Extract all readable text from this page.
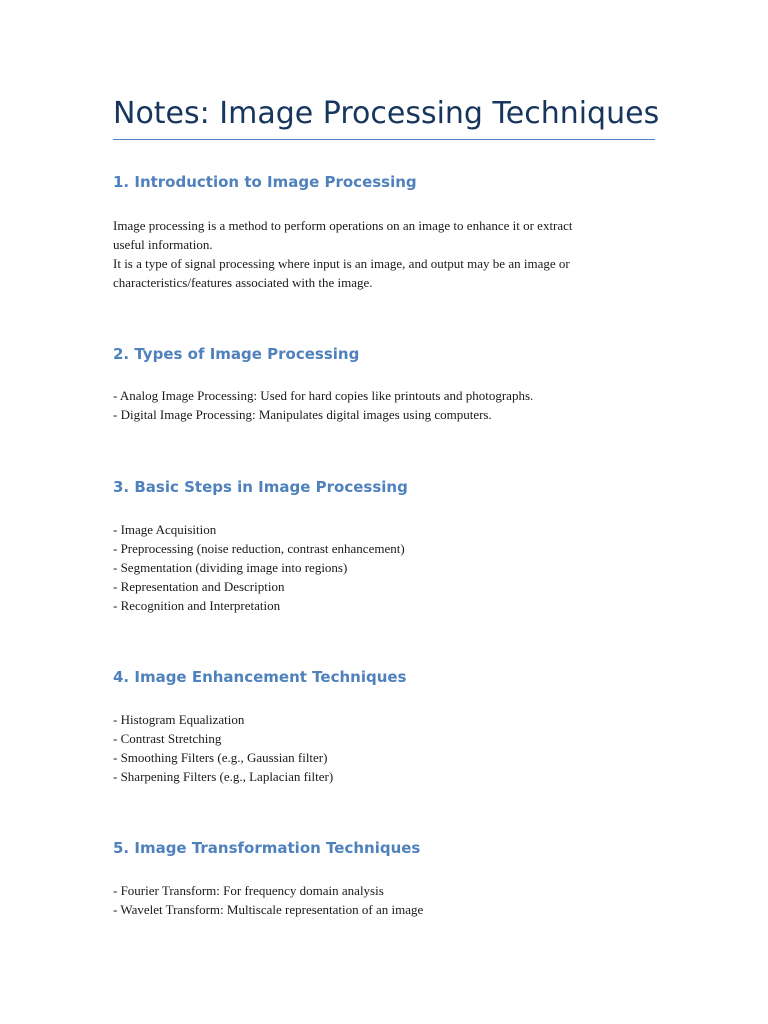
Notes: Image Processing Techniques
1. Introduction to Image Processing
Image processing is a method to perform operations on an image to enhance it or extract
useful information.
It is a type of signal processing where input is an image, and output may be an image or
characteristics/features associated with the image.
2. Types of Image Processing
- Analog Image Processing: Used for hard copies like printouts and photographs.
- Digital Image Processing: Manipulates digital images using computers.
3. Basic Steps in Image Processing
- Image Acquisition
- Preprocessing (noise reduction, contrast enhancement)
- Segmentation (dividing image into regions)
- Representation and Description
- Recognition and Interpretation
4. Image Enhancement Techniques
- Histogram Equalization
- Contrast Stretching
- Smoothing Filters (e.g., Gaussian filter)
- Sharpening Filters (e.g., Laplacian filter)
5. Image Transformation Techniques
- Fourier Transform: For frequency domain analysis
- Wavelet Transform: Multiscale representation of an image
